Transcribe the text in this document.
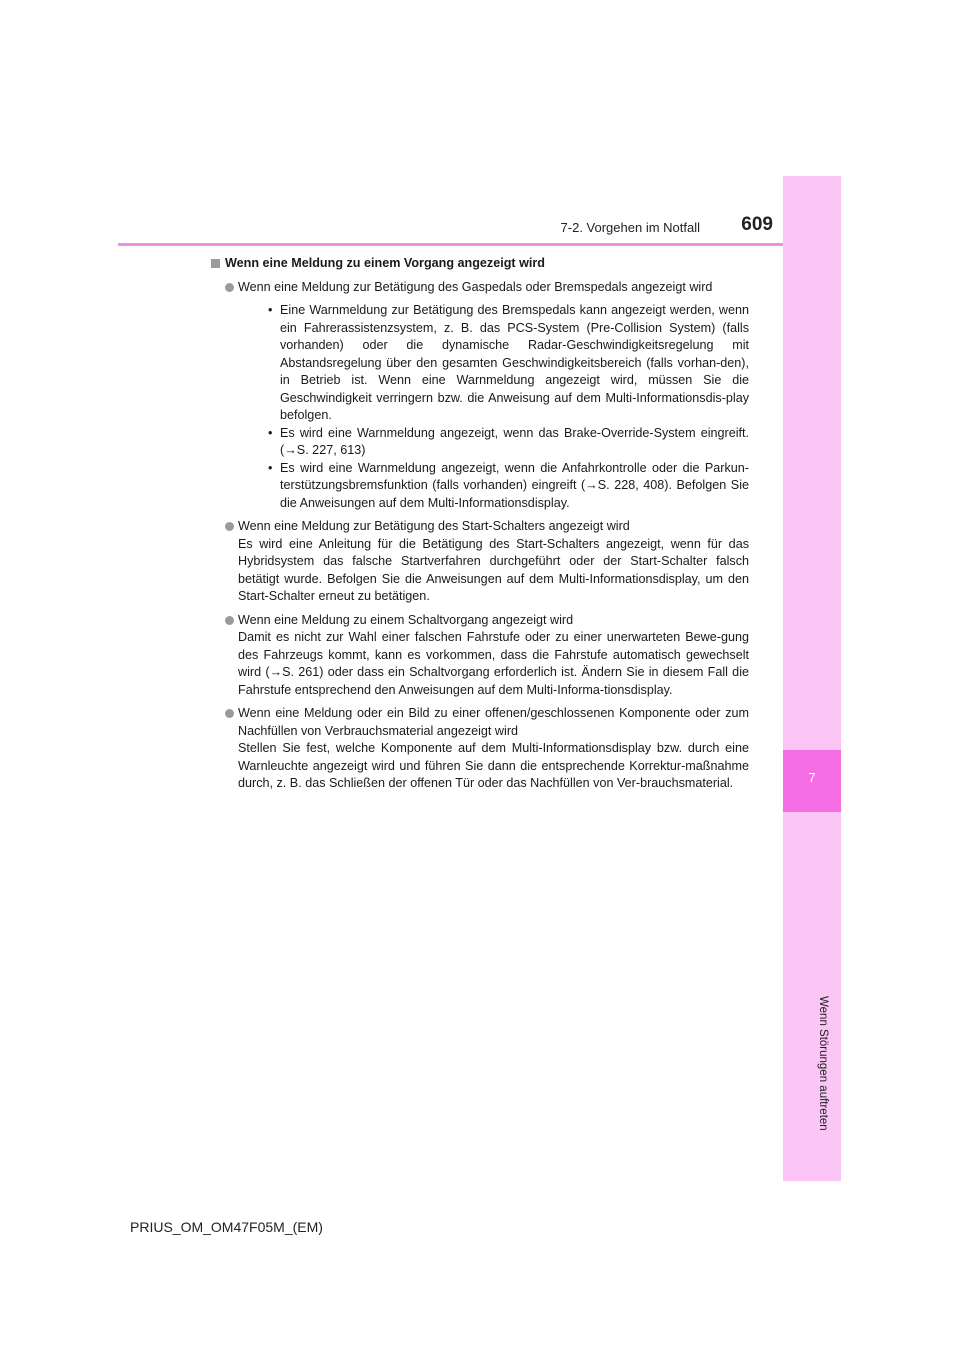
7
Wenn Störungen auftreten
7-2. Vorgehen im Notfall	609
Wenn eine Meldung zu einem Vorgang angezeigt wird

Wenn eine Meldung zur Betätigung des Gaspedals oder Bremspedals angezeigt wird

• Eine Warnmeldung zur Betätigung des Bremspedals kann angezeigt werden, wenn ein Fahrerassistenzsystem, z. B. das PCS-System (Pre-Collision System) (falls vorhanden) oder die dynamische Radar-Geschwindigkeitsregelung mit Abstandsregelung über den gesamten Geschwindigkeitsbereich (falls vorhan-den), in Betrieb ist. Wenn eine Warnmeldung angezeigt wird, müssen Sie die Geschwindigkeit verringern bzw. die Anweisung auf dem Multi-Informationsdis-play befolgen.
• Es wird eine Warnmeldung angezeigt, wenn das Brake-Override-System eingreift. (→S. 227, 613)
• Es wird eine Warnmeldung angezeigt, wenn die Anfahrkontrolle oder die Parkun-terstützungsbremsfunktion (falls vorhanden) eingreift (→S. 228, 408). Befolgen Sie die Anweisungen auf dem Multi-Informationsdisplay.

Wenn eine Meldung zur Betätigung des Start-Schalters angezeigt wird

Es wird eine Anleitung für die Betätigung des Start-Schalters angezeigt, wenn für das Hybridsystem das falsche Startverfahren durchgeführt oder der Start-Schalter falsch betätigt wurde. Befolgen Sie die Anweisungen auf dem Multi-Informationsdisplay, um den Start-Schalter erneut zu betätigen.

Wenn eine Meldung zu einem Schaltvorgang angezeigt wird

Damit es nicht zur Wahl einer falschen Fahrstufe oder zu einer unerwarteten Bewe-gung des Fahrzeugs kommt, kann es vorkommen, dass die Fahrstufe automatisch gewechselt wird (→S. 261) oder dass ein Schaltvorgang erforderlich ist. Ändern Sie in diesem Fall die Fahrstufe entsprechend den Anweisungen auf dem Multi-Informa-tionsdisplay.

Wenn eine Meldung oder ein Bild zu einer offenen/geschlossenen Komponente oder zum Nachfüllen von Verbrauchsmaterial angezeigt wird

Stellen Sie fest, welche Komponente auf dem Multi-Informationsdisplay bzw. durch eine Warnleuchte angezeigt wird und führen Sie dann die entsprechende Korrektur-maßnahme durch, z. B. das Schließen der offenen Tür oder das Nachfüllen von Ver-brauchsmaterial.

PRIUS_OM_OM47F05M_(EM)
